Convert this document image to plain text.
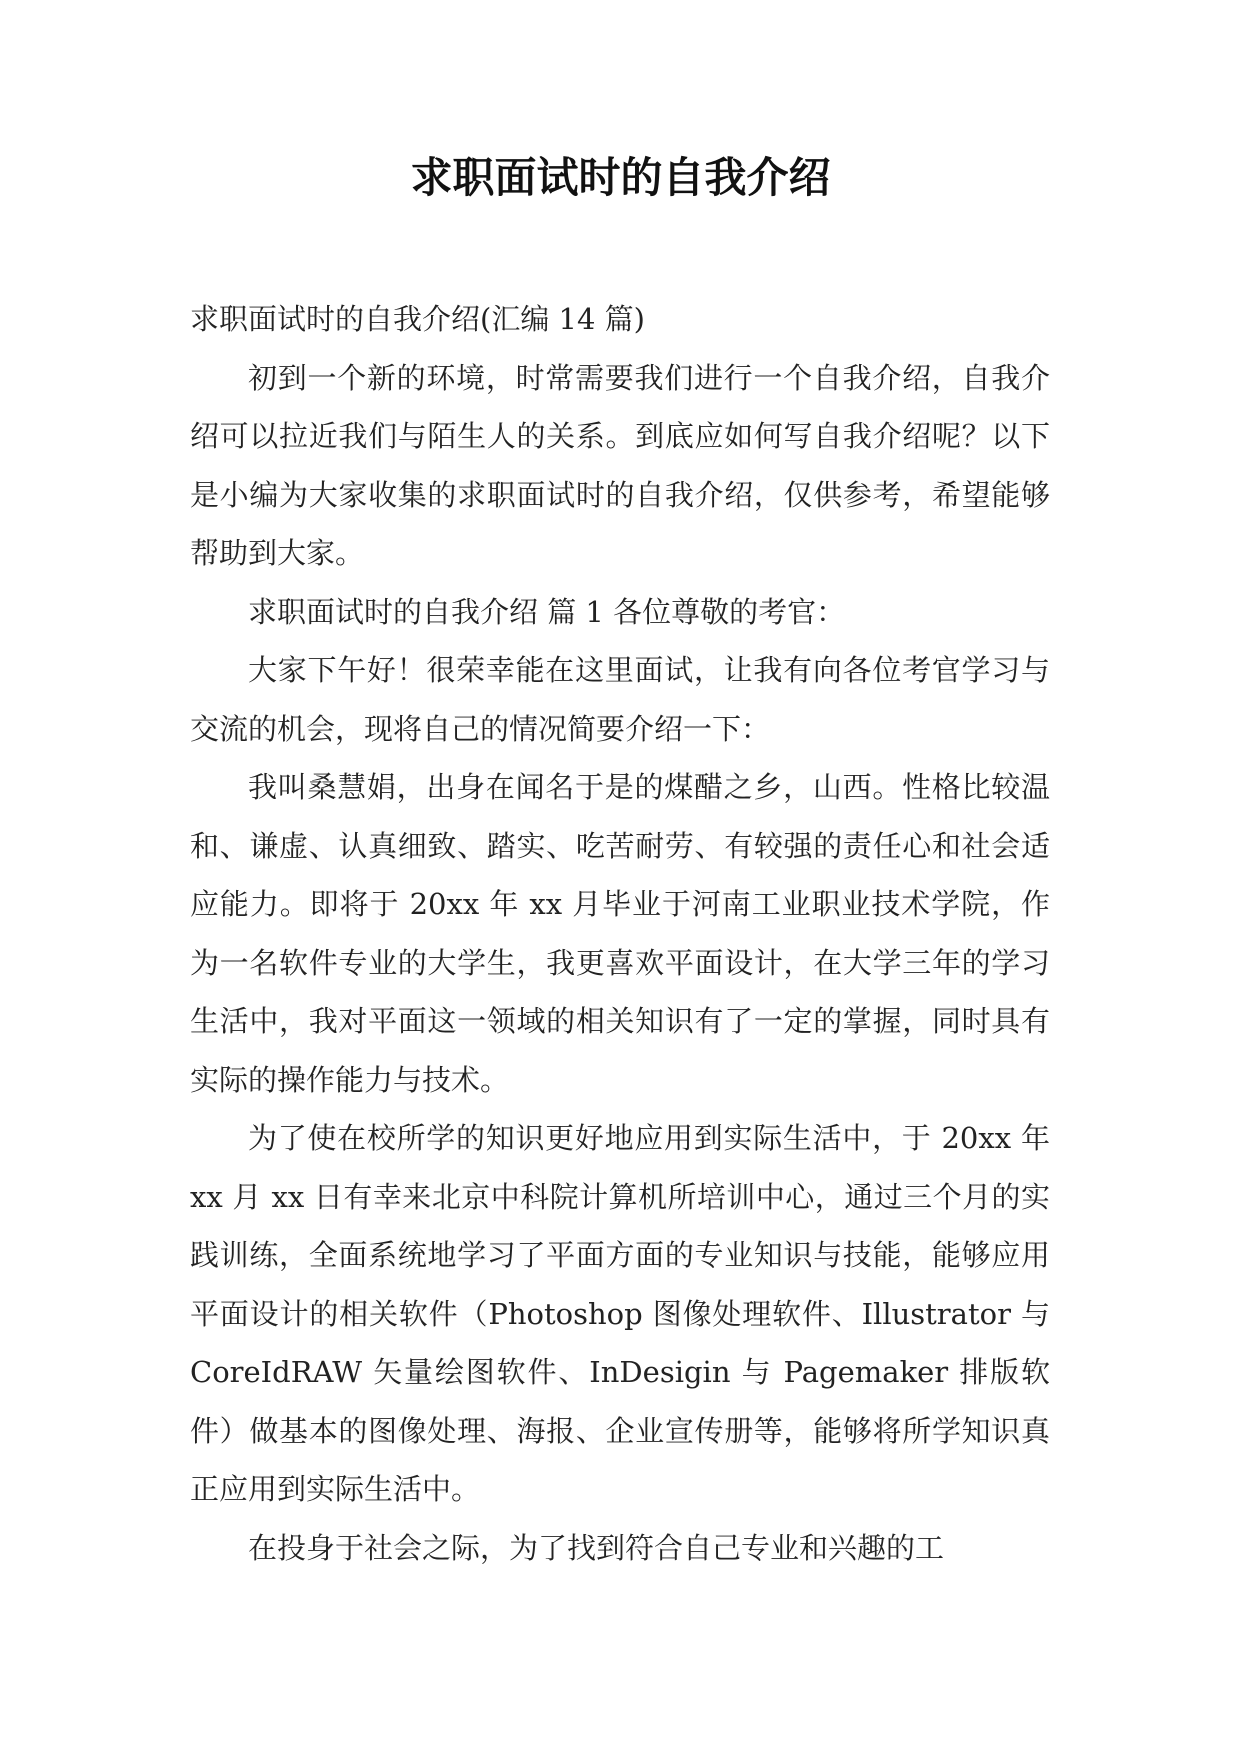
求职面试时的自我介绍

求职面试时的自我介绍(汇编 14 篇)

初到一个新的环境，时常需要我们进行一个自我介绍，自我介绍可以拉近我们与陌生人的关系。到底应如何写自我介绍呢？以下是小编为大家收集的求职面试时的自我介绍，仅供参考，希望能够帮助到大家。

求职面试时的自我介绍 篇 1 各位尊敬的考官：

大家下午好！很荣幸能在这里面试，让我有向各位考官学习与交流的机会，现将自己的情况简要介绍一下：

我叫桑慧娟，出身在闻名于是的煤醋之乡，山西。性格比较温和、谦虚、认真细致、踏实、吃苦耐劳、有较强的责任心和社会适应能力。即将于 20xx 年 xx 月毕业于河南工业职业技术学院，作为一名软件专业的大学生，我更喜欢平面设计，在大学三年的学习生活中，我对平面这一领域的相关知识有了一定的掌握，同时具有实际的操作能力与技术。

为了使在校所学的知识更好地应用到实际生活中，于 20xx 年 xx 月 xx 日有幸来北京中科院计算机所培训中心，通过三个月的实践训练，全面系统地学习了平面方面的专业知识与技能，能够应用平面设计的相关软件（Photoshop 图像处理软件、Illustrator 与 CoreIdRAW 矢量绘图软件、InDesigin 与 Pagemaker 排版软件）做基本的图像处理、海报、企业宣传册等，能够将所学知识真正应用到实际生活中。

在投身于社会之际，为了找到符合自己专业和兴趣的工
